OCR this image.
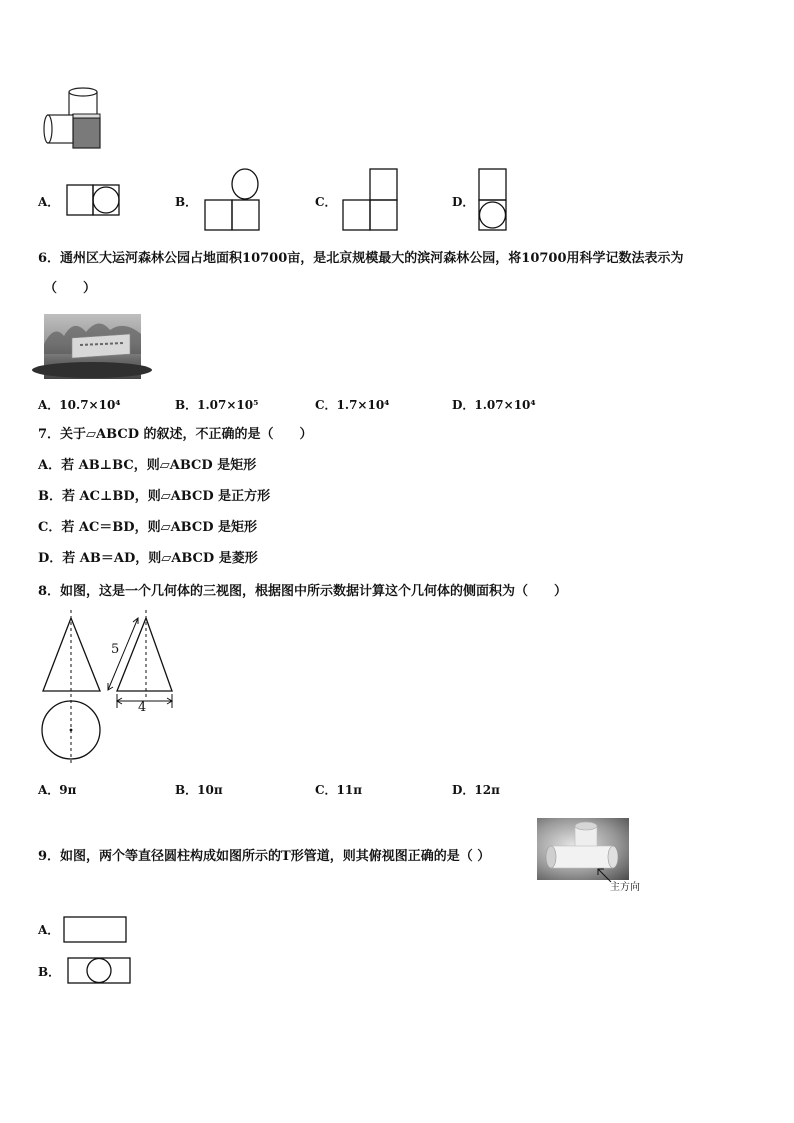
A．	B．	C．	D．
6．通州区大运河森林公园占地面积10700亩，是北京规模最大的滨河森林公园，将10700用科学记数法表示为
（　　）
A．10.7×10⁴	B．1.07×10⁵	C．1.7×10⁴	D．1.07×10⁴
7．关于▱ABCD 的叙述，不正确的是（　　）
A．若 AB⊥BC，则▱ABCD 是矩形
B．若 AC⊥BD，则▱ABCD 是正方形
C．若 AC＝BD，则▱ABCD 是矩形
D．若 AB＝AD，则▱ABCD 是菱形
8．如图，这是一个几何体的三视图，根据图中所示数据计算这个几何体的侧面积为（　　）
5
4
A．9π	B．10π	C．11π	D．12π
9．如图，两个等直径圆柱构成如图所示的T形管道，则其俯视图正确的是（ ）
主方向
A．
B．
